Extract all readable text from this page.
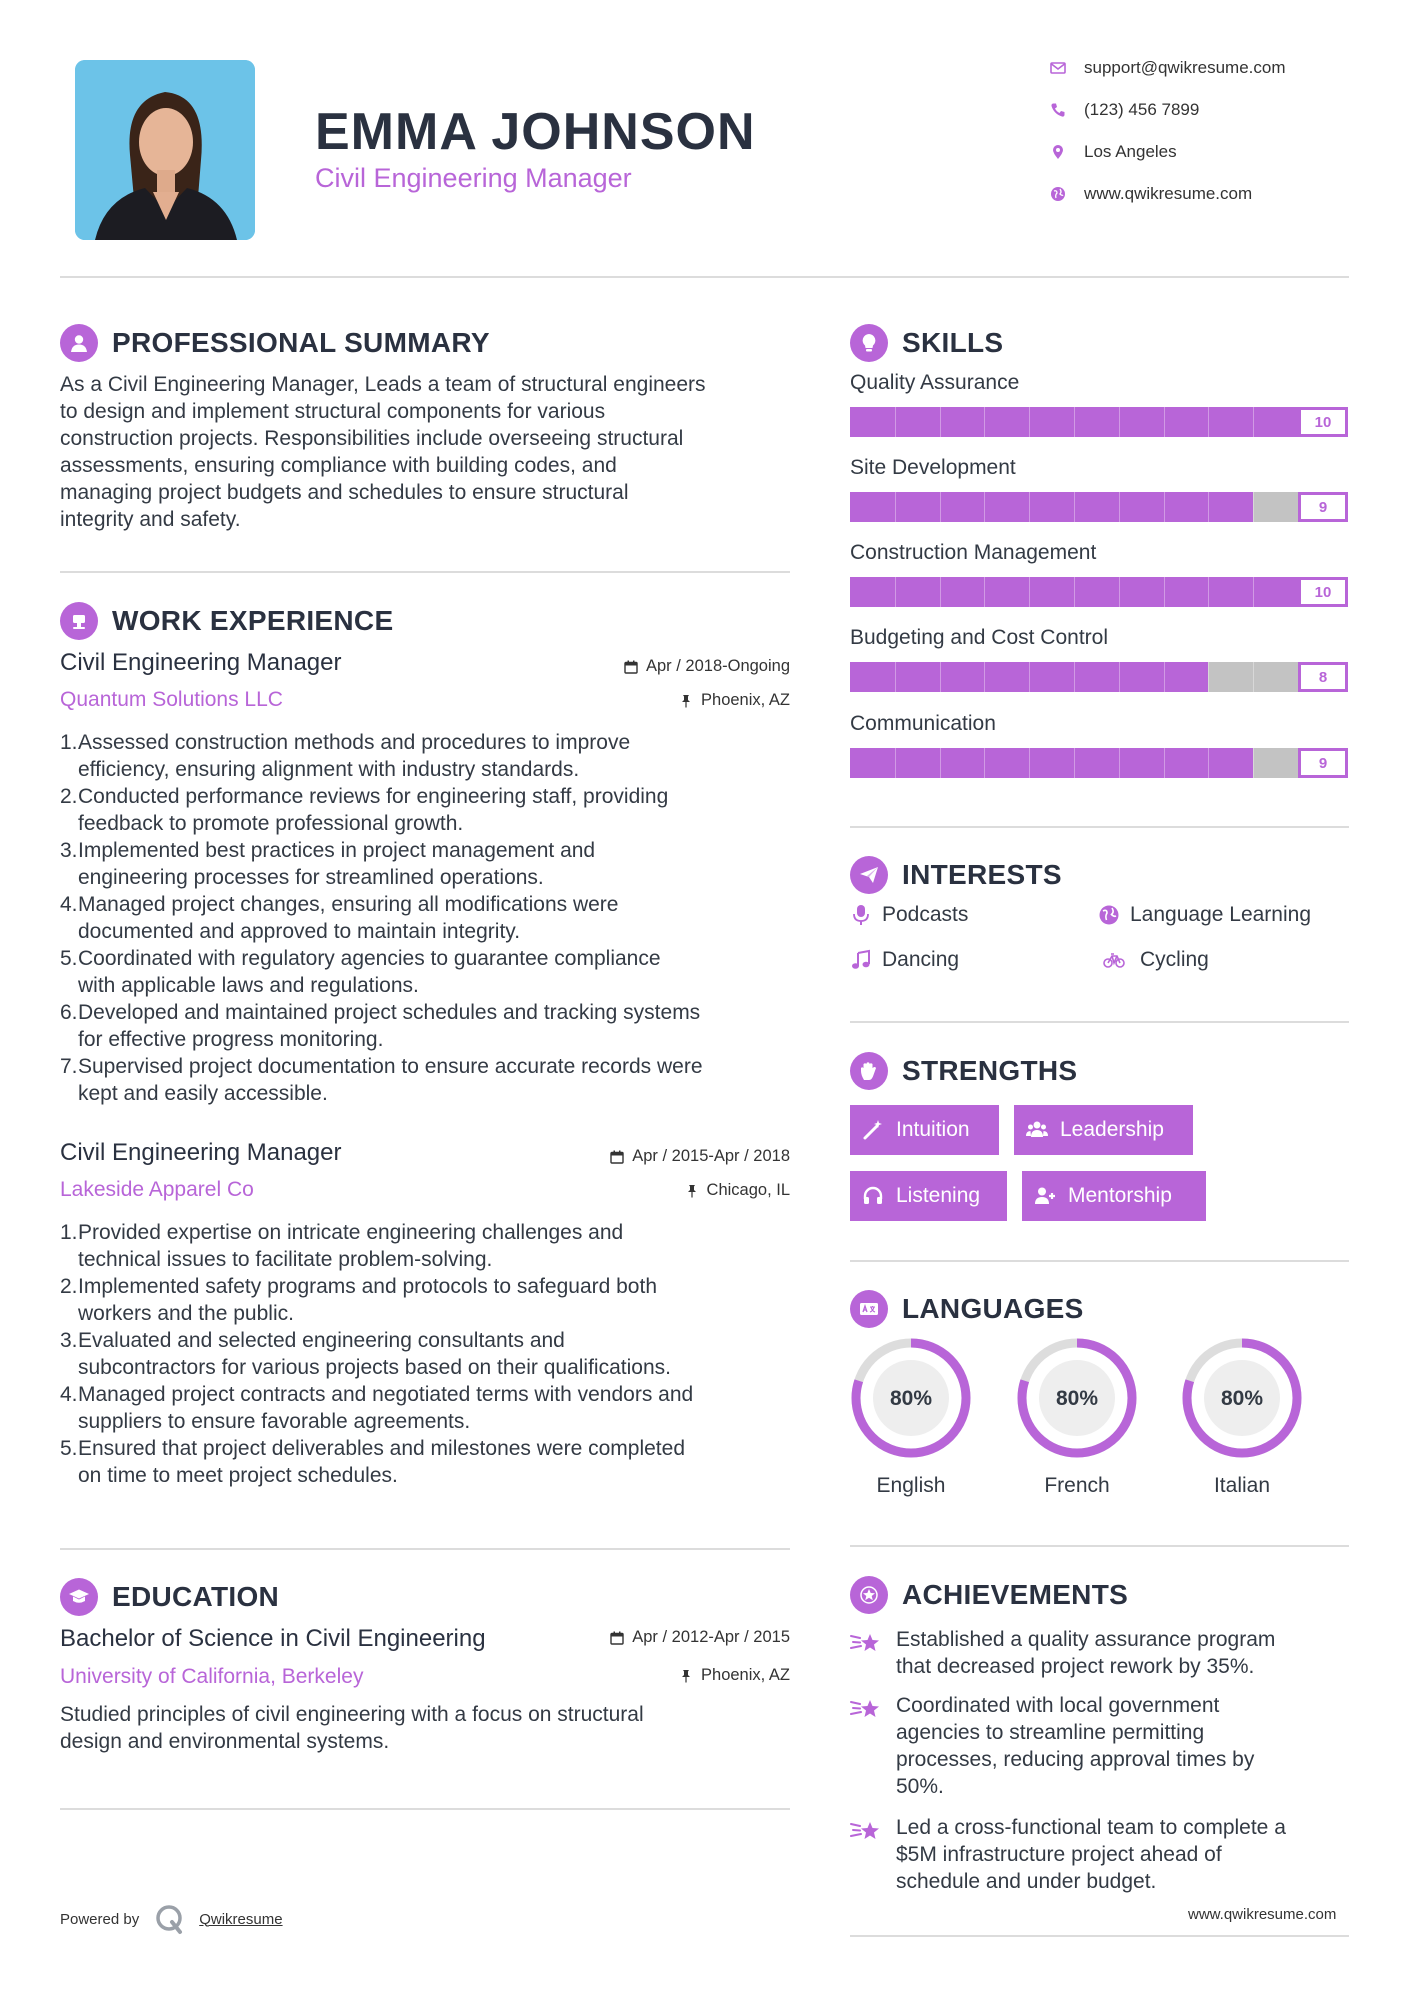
EMMA JOHNSON
Civil Engineering Manager
support@qwikresume.com
(123) 456 7899
Los Angeles
www.qwikresume.com
PROFESSIONAL SUMMARY
As a Civil Engineering Manager, Leads a team of structural engineers
to design and implement structural components for various
construction projects. Responsibilities include overseeing structural
assessments, ensuring compliance with building codes, and
managing project budgets and schedules to ensure structural
integrity and safety.
WORK EXPERIENCE
Civil Engineering Manager	Apr / 2018-Ongoing
Quantum Solutions LLC	Phoenix, AZ
1. Assessed construction methods and procedures to improve
efficiency, ensuring alignment with industry standards.
2. Conducted performance reviews for engineering staff, providing
feedback to promote professional growth.
3. Implemented best practices in project management and
engineering processes for streamlined operations.
4. Managed project changes, ensuring all modifications were
documented and approved to maintain integrity.
5. Coordinated with regulatory agencies to guarantee compliance
with applicable laws and regulations.
6. Developed and maintained project schedules and tracking systems
for effective progress monitoring.
7. Supervised project documentation to ensure accurate records were
kept and easily accessible.
Civil Engineering Manager	Apr / 2015-Apr / 2018
Lakeside Apparel Co	Chicago, IL
1. Provided expertise on intricate engineering challenges and
technical issues to facilitate problem-solving.
2. Implemented safety programs and protocols to safeguard both
workers and the public.
3. Evaluated and selected engineering consultants and
subcontractors for various projects based on their qualifications.
4. Managed project contracts and negotiated terms with vendors and
suppliers to ensure favorable agreements.
5. Ensured that project deliverables and milestones were completed
on time to meet project schedules.
EDUCATION
Bachelor of Science in Civil Engineering	Apr / 2012-Apr / 2015
University of California, Berkeley	Phoenix, AZ
Studied principles of civil engineering with a focus on structural
design and environmental systems.
Powered by	Qwikresume
SKILLS
Quality Assurance
10
Site Development
9
Construction Management
10
Budgeting and Cost Control
8
Communication
9
INTERESTS
Podcasts	Language Learning
Dancing	Cycling
STRENGTHS
Intuition	Leadership
Listening	Mentorship
LANGUAGES
80%
English
80%
French
80%
Italian
ACHIEVEMENTS
Established a quality assurance program
that decreased project rework by 35%.
Coordinated with local government
agencies to streamline permitting
processes, reducing approval times by
50%.
Led a cross-functional team to complete a
$5M infrastructure project ahead of
schedule and under budget.
www.qwikresume.com
